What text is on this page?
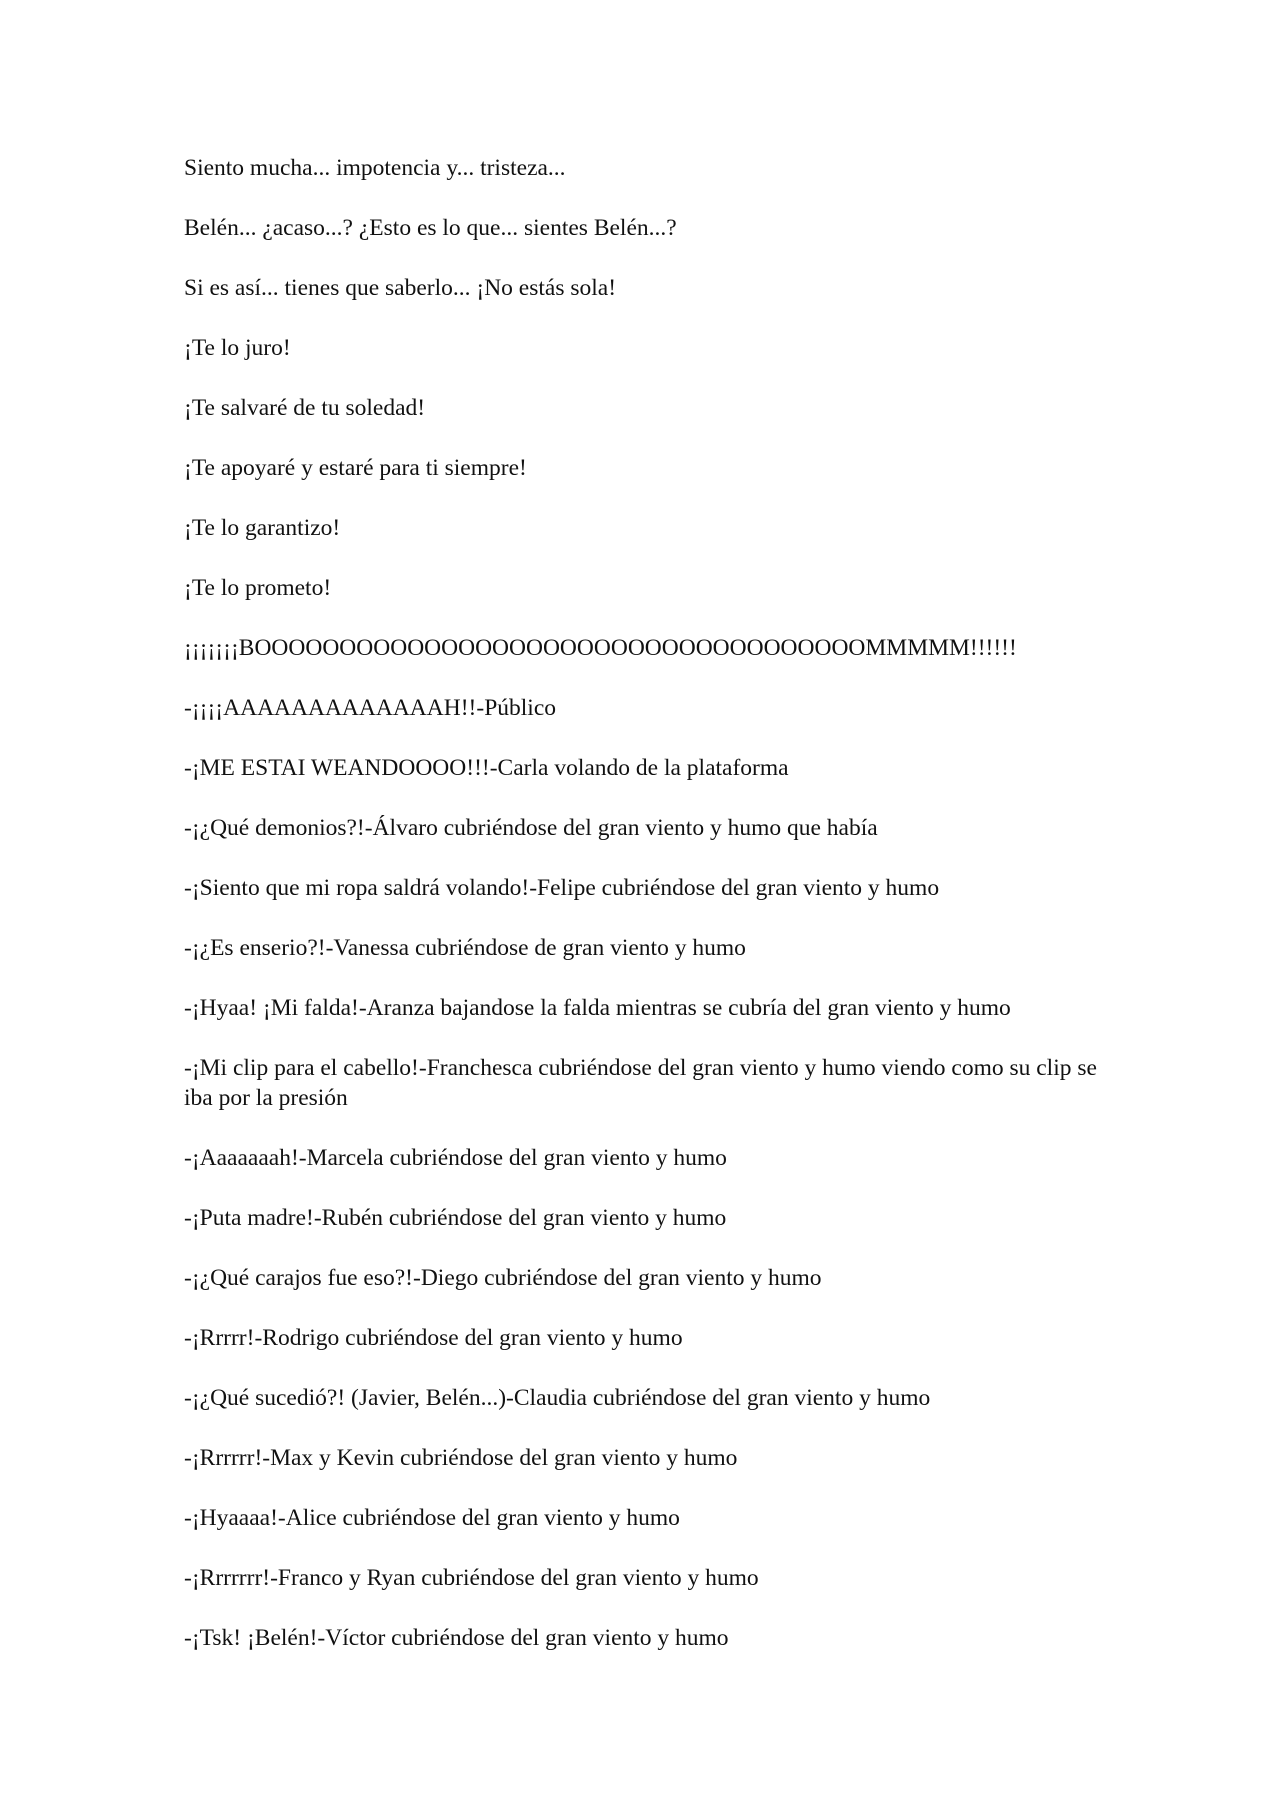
Siento mucha... impotencia y... tristeza...

Belén... ¿acaso...? ¿Esto es lo que... sientes Belén...?

Si es así... tienes que saberlo... ¡No estás sola!

¡Te lo juro!

¡Te salvaré de tu soledad!

¡Te apoyaré y estaré para ti siempre!

¡Te lo garantizo!

¡Te lo prometo!

¡¡¡¡¡¡¡BOOOOOOOOOOOOOOOOOOOOOOOOOOOOOOOOOOOOMMMMM!!!!!!

-¡¡¡¡AAAAAAAAAAAAAH!!-Público

-¡ME ESTAI WEANDOOOO!!!-Carla volando de la plataforma

-¡¿Qué demonios?!-Álvaro cubriéndose del gran viento y humo que había

-¡Siento que mi ropa saldrá volando!-Felipe cubriéndose del gran viento y humo

-¡¿Es enserio?!-Vanessa cubriéndose de gran viento y humo

-¡Hyaa! ¡Mi falda!-Aranza bajandose la falda mientras se cubría del gran viento y humo

-¡Mi clip para el cabello!-Franchesca cubriéndose del gran viento y humo viendo como su clip se iba por la presión

-¡Aaaaaaah!-Marcela cubriéndose del gran viento y humo

-¡Puta madre!-Rubén cubriéndose del gran viento y humo

-¡¿Qué carajos fue eso?!-Diego cubriéndose del gran viento y humo

-¡Rrrrr!-Rodrigo cubriéndose del gran viento y humo

-¡¿Qué sucedió?! (Javier, Belén...)-Claudia cubriéndose del gran viento y humo

-¡Rrrrrr!-Max y Kevin cubriéndose del gran viento y humo

-¡Hyaaaa!-Alice cubriéndose del gran viento y humo

-¡Rrrrrrr!-Franco y Ryan cubriéndose del gran viento y humo

-¡Tsk! ¡Belén!-Víctor cubriéndose del gran viento y humo
